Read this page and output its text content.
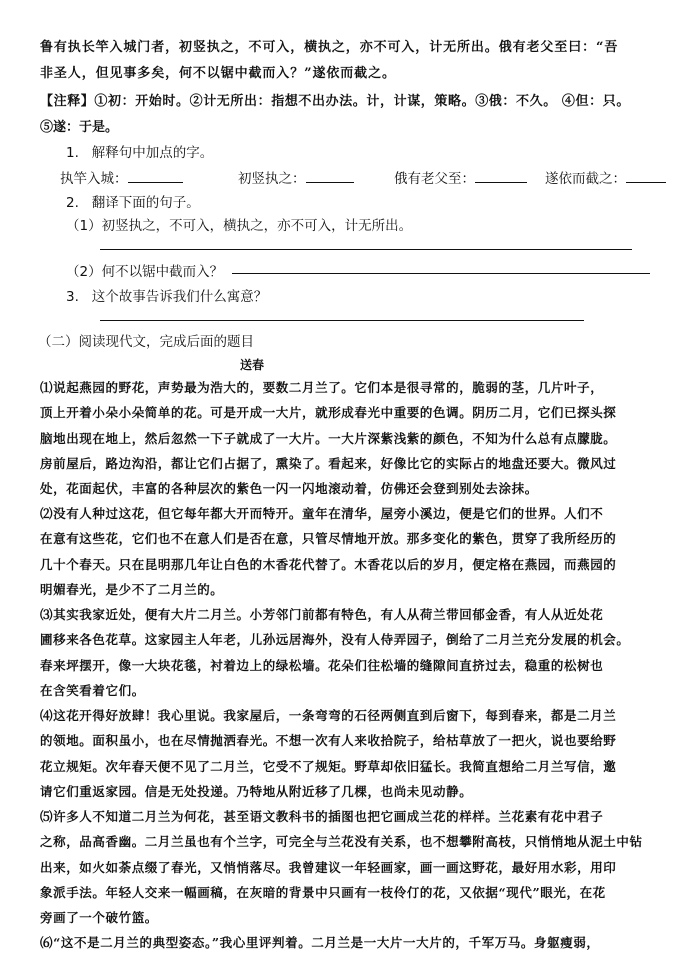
鲁有执长竿入城门者，初竖执之，不可入，横执之，亦不可入，计无所出。俄有老父至曰：“吾
非圣人，但见事多矣，何不以锯中截而入？”遂依而截之。
【注释】①初：开始时。②计无所出：指想不出办法。计，计谋，策略。③俄：不久。 ④但：只。
⑤遂：于是。
1. 解释句中加点的字。
执竿入城：	初竖执之：	俄有老父至：	遂依而截之：
2. 翻译下面的句子。
（1）初竖执之，不可入，横执之，亦不可入，计无所出。
（2）何不以锯中截而入？
3. 这个故事告诉我们什么寓意？
（二）阅读现代文，完成后面的题目
送春
⑴说起燕园的野花，声势最为浩大的，要数二月兰了。它们本是很寻常的，脆弱的茎，几片叶子，
顶上开着小朵小朵简单的花。可是开成一大片，就形成春光中重要的色调。阴历二月，它们已探头探
脑地出现在地上，然后忽然一下子就成了一大片。一大片深紫浅紫的颜色，不知为什么总有点朦胧。
房前屋后，路边沟沿，都让它们占据了，熏染了。看起来，好像比它的实际占的地盘还要大。微风过
处，花面起伏，丰富的各种层次的紫色一闪一闪地滚动着，仿佛还会登到别处去涂抹。
⑵没有人种过这花，但它每年都大开而特开。童年在清华，屋旁小溪边，便是它们的世界。人们不
在意有这些花，它们也不在意人们是否在意，只管尽情地开放。那多变化的紫色，贯穿了我所经历的
几十个春天。只在昆明那几年让白色的木香花代替了。木香花以后的岁月，便定格在燕园，而燕园的
明媚春光，是少不了二月兰的。
⑶其实我家近处，便有大片二月兰。小芳邻门前都有特色，有人从荷兰带回郁金香，有人从近处花
圃移来各色花草。这家园主人年老，儿孙远居海外，没有人侍弄园子，倒给了二月兰充分发展的机会。
春来坪摆开，像一大块花毯，衬着边上的绿松墙。花朵们往松墙的缝隙间直挤过去，稳重的松树也
在含笑看着它们。
⑷这花开得好放肆！我心里说。我家屋后，一条弯弯的石径两侧直到后窗下，每到春来，都是二月兰
的领地。面积虽小，也在尽情抛洒春光。不想一次有人来收拾院子，给枯草放了一把火，说也要给野
花立规矩。次年春天便不见了二月兰，它受不了规矩。野草却依旧猛长。我简直想给二月兰写信，邀
请它们重返家园。信是无处投递。乃特地从附近移了几棵，也尚未见动静。
⑸许多人不知道二月兰为何花，甚至语文教科书的插图也把它画成兰花的样样。兰花素有花中君子
之称，品高香幽。二月兰虽也有个兰字，可完全与兰花没有关系，也不想攀附高枝，只悄悄地从泥土中钻
出来，如火如荼点缀了春光，又悄悄落尽。我曾建议一年轻画家，画一画这野花，最好用水彩，用印
象派手法。年轻人交来一幅画稿，在灰暗的背景中只画有一枝伶仃的花，又依据“现代”眼光，在花
旁画了一个破竹篮。
⑹“这不是二月兰的典型姿态。”我心里评判着。二月兰是一大片一大片的，千军万马。身躯瘦弱，
